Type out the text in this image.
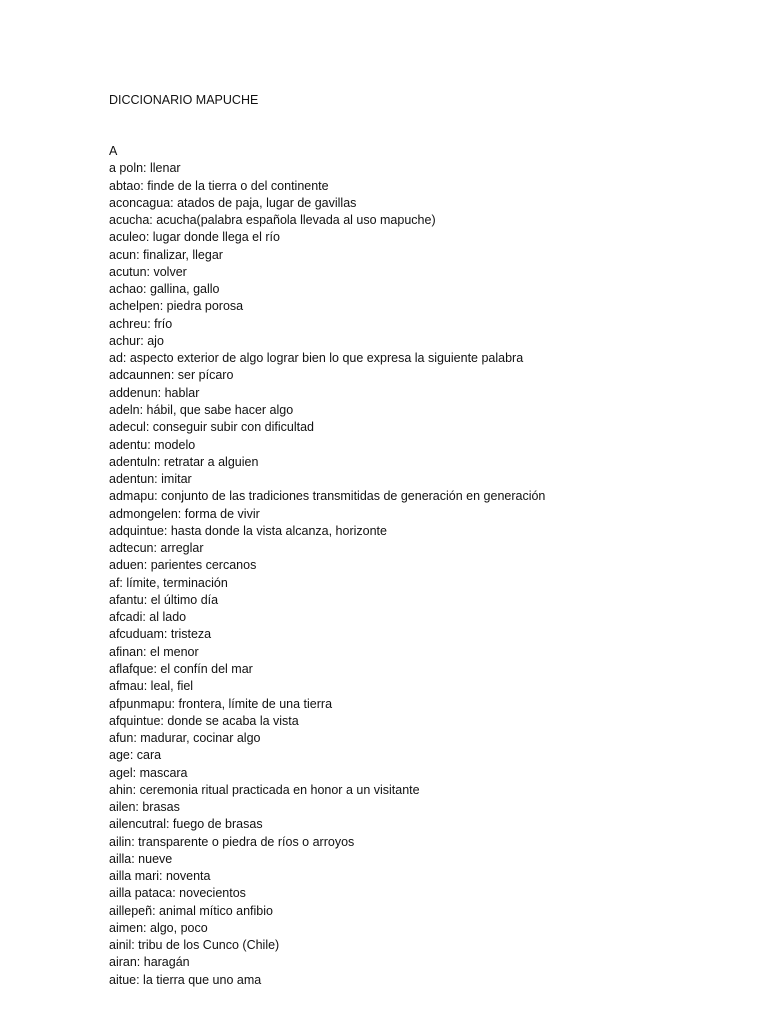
DICCIONARIO MAPUCHE
A
a poln: llenar
abtao: finde de la tierra o del continente
aconcagua: atados de paja, lugar de gavillas
acucha: acucha(palabra española llevada al uso mapuche)
aculeo: lugar donde llega el río
acun: finalizar, llegar
acutun: volver
achao: gallina, gallo
achelpen: piedra porosa
achreu: frío
achur: ajo
ad: aspecto exterior de algo lograr bien lo que expresa la siguiente palabra
adcaunnen: ser pícaro
addenun: hablar
adeln: hábil, que sabe hacer algo
adecul: conseguir subir con dificultad
adentu: modelo
adentuln: retratar a alguien
adentun: imitar
admapu: conjunto de las tradiciones transmitidas de generación en generación
admongelen: forma de vivir
adquintue: hasta donde la vista alcanza, horizonte
adtecun: arreglar
aduen: parientes cercanos
af: límite, terminación
afantu: el último día
afcadi: al lado
afcuduam: tristeza
afinan: el menor
aflafque: el confín del mar
afmau: leal, fiel
afpunmapu: frontera, límite de una tierra
afquintue: donde se acaba la vista
afun: madurar, cocinar algo
age: cara
agel: mascara
ahin: ceremonia ritual practicada en honor a un visitante
ailen: brasas
ailencutral: fuego de brasas
ailin: transparente o piedra de ríos o arroyos
ailla: nueve
ailla mari: noventa
ailla pataca: novecientos
aillepeñ: animal mítico anfibio
aimen: algo, poco
ainil: tribu de los Cunco (Chile)
airan: haragán
aitue: la tierra que uno ama
